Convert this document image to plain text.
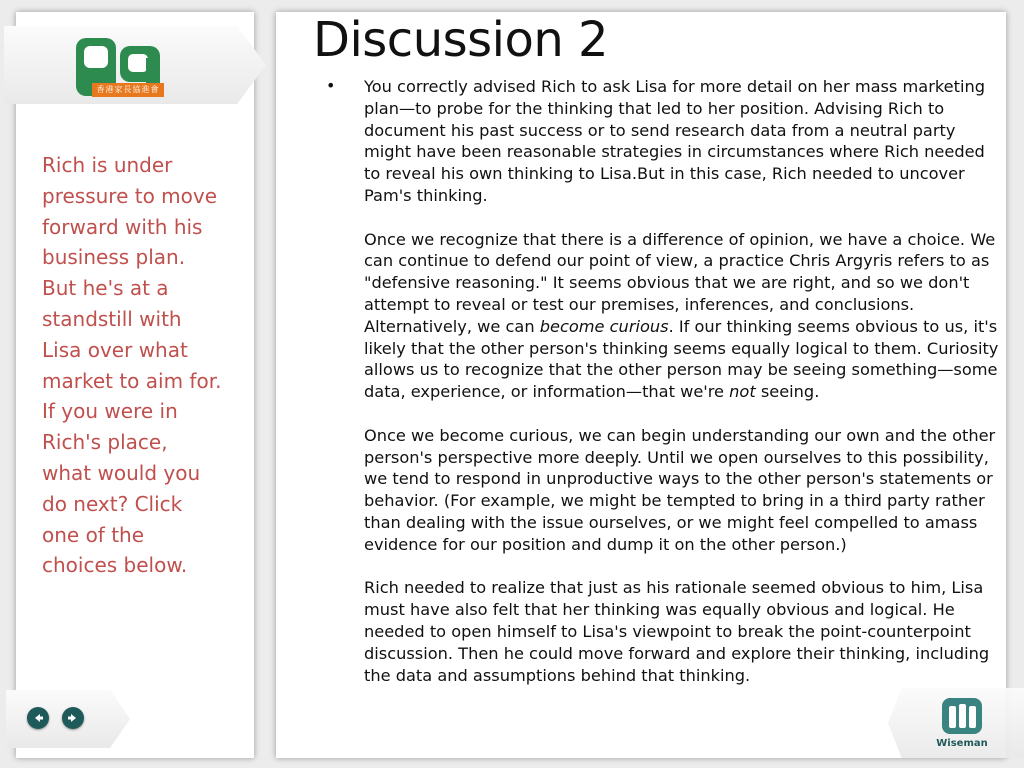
香港家長協進會
Rich is under pressure to move forward with his business plan. But he's at a standstill with Lisa over what market to aim for. If you were in Rich's place, what would you do next? Click one of the choices below.
Discussion 2
• You correctly advised Rich to ask Lisa for more detail on her mass marketing plan—to probe for the thinking that led to her position. Advising Rich to document his past success or to send research data from a neutral party might have been reasonable strategies in circumstances where Rich needed to reveal his own thinking to Lisa.But in this case, Rich needed to uncover Pam's thinking.

Once we recognize that there is a difference of opinion, we have a choice. We can continue to defend our point of view, a practice Chris Argyris refers to as "defensive reasoning." It seems obvious that we are right, and so we don't attempt to reveal or test our premises, inferences, and conclusions. Alternatively, we can become curious. If our thinking seems obvious to us, it's likely that the other person's thinking seems equally logical to them. Curiosity allows us to recognize that the other person may be seeing something—some data, experience, or information—that we're not seeing.

Once we become curious, we can begin understanding our own and the other person's perspective more deeply. Until we open ourselves to this possibility, we tend to respond in unproductive ways to the other person's statements or behavior. (For example, we might be tempted to bring in a third party rather than dealing with the issue ourselves, or we might feel compelled to amass evidence for our position and dump it on the other person.)

Rich needed to realize that just as his rationale seemed obvious to him, Lisa must have also felt that her thinking was equally obvious and logical. He needed to open himself to Lisa's viewpoint to break the point-counterpoint discussion. Then he could move forward and explore their thinking, including the data and assumptions behind that thinking.

Wiseman
